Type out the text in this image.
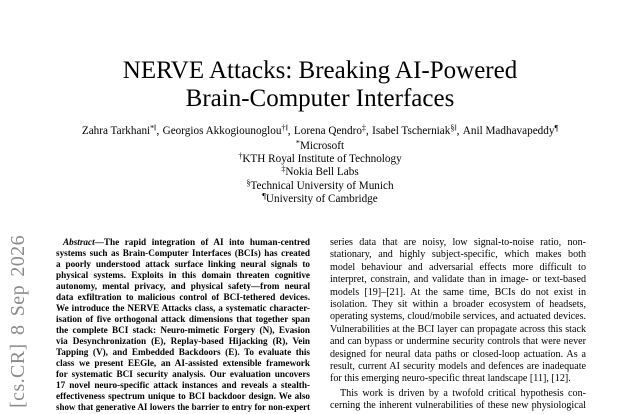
NERVE Attacks: Breaking AI-Powered
Brain-Computer Interfaces
Zahra Tarkhani*‖, Georgios Akkogiounoglou†‖, Lorena Qendro‡, Isabel Tscherniak§‖, Anil Madhavapeddy¶
*Microsoft
†KTH Royal Institute of Technology
‡Nokia Bell Labs
§Technical University of Munich
¶University of Cambridge
[cs.CR] 8 Sep 2026	Abstract—The rapid integration of AI into human-centred
systems such as Brain-Computer Interfaces (BCIs) has created
a poorly understood attack surface linking neural signals to
physical systems. Exploits in this domain threaten cognitive
autonomy, mental privacy, and physical safety—from neural
data exfiltration to malicious control of BCI-tethered devices.
We introduce the NERVE Attacks class, a systematic character-
isation of five orthogonal attack dimensions that together span
the complete BCI stack: Neuro-mimetic Forgery (N), Evasion
via Desynchronization (E), Replay-based Hijacking (R), Vein
Tapping (V), and Embedded Backdoors (E). To evaluate this
class we present EEGle, an AI-assisted extensible framework
for systematic BCI security analysis. Our evaluation uncovers
17 novel neuro-specific attack instances and reveals a stealth-
effectiveness spectrum unique to BCI backdoor design. We also
show that generative AI lowers the barrier to entry for non-expert
series data that are noisy, low signal-to-noise ratio, non-
stationary, and highly subject-specific, which makes both
model behaviour and adversarial effects more difficult to
interpret, constrain, and validate than in image- or text-based
models [19]–[21]. At the same time, BCIs do not exist in
isolation. They sit within a broader ecosystem of headsets,
operating systems, cloud/mobile services, and actuated devices.
Vulnerabilities at the BCI layer can propagate across this stack
and can bypass or undermine security controls that were never
designed for neural data paths or closed-loop actuation. As a
result, current AI security models and defences are inadequate
for this emerging neuro-specific threat landscape [11], [12].
This work is driven by a twofold critical hypothesis con-
cerning the inherent vulnerabilities of these new physiological
